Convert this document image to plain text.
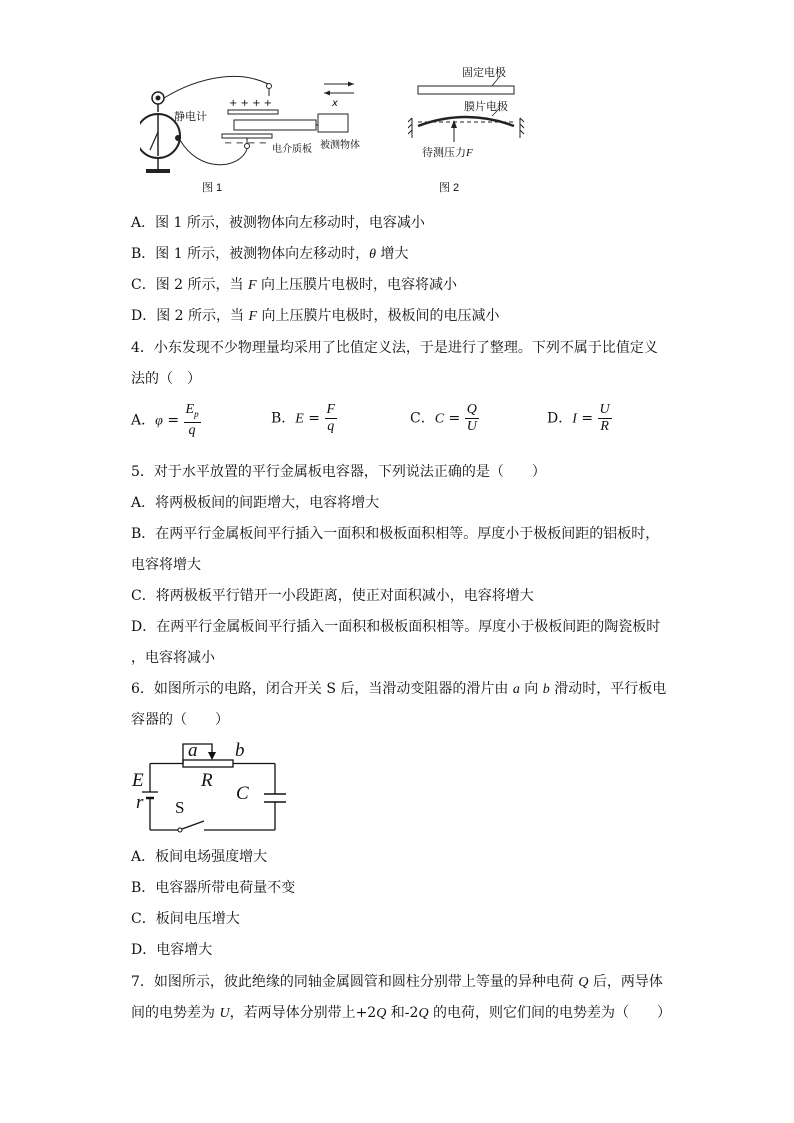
静电计
+ + + +
− − − −
电介质板 被测物体
x
图 1
固定电极
膜片电极
待测压力F
图 2
A．图 1 所示，被测物体向左移动时，电容减小
B．图 1 所示，被测物体向左移动时，θ 增大
C．图 2 所示，当 F 向上压膜片电极时，电容将减小
D．图 2 所示，当 F 向上压膜片电极时，极板间的电压减小
4．小东发现不少物理量均采用了比值定义法，于是进行了整理。下列不属于比值定义
法的（　）
A．$\varphi = \frac{E_p}{q}$	B．$E = \frac{F}{q}$	C．$C = \frac{Q}{U}$	D．$I = \frac{U}{R}$
5．对于水平放置的平行金属板电容器，下列说法正确的是（　　）
A．将两极板间的间距增大，电容将增大
B．在两平行金属板间平行插入一面积和极板面积相等。厚度小于极板间距的铝板时，
电容将增大
C．将两极板平行错开一小段距离，使正对面积减小，电容将增大
D．在两平行金属板间平行插入一面积和极板面积相等。厚度小于极板间距的陶瓷板时
，电容将减小
6．如图所示的电路，闭合开关 S 后，当滑动变阻器的滑片由 a 向 b 滑动时，平行板电
容器的（　　）
a b
E
r
R
S
C
A．板间电场强度增大
B．电容器所带电荷量不变
C．板间电压增大
D．电容增大
7．如图所示，彼此绝缘的同轴金属圆管和圆柱分别带上等量的异种电荷 Q 后，两导体
间的电势差为 U，若两导体分别带上+2Q 和-2Q 的电荷，则它们间的电势差为（　　）
